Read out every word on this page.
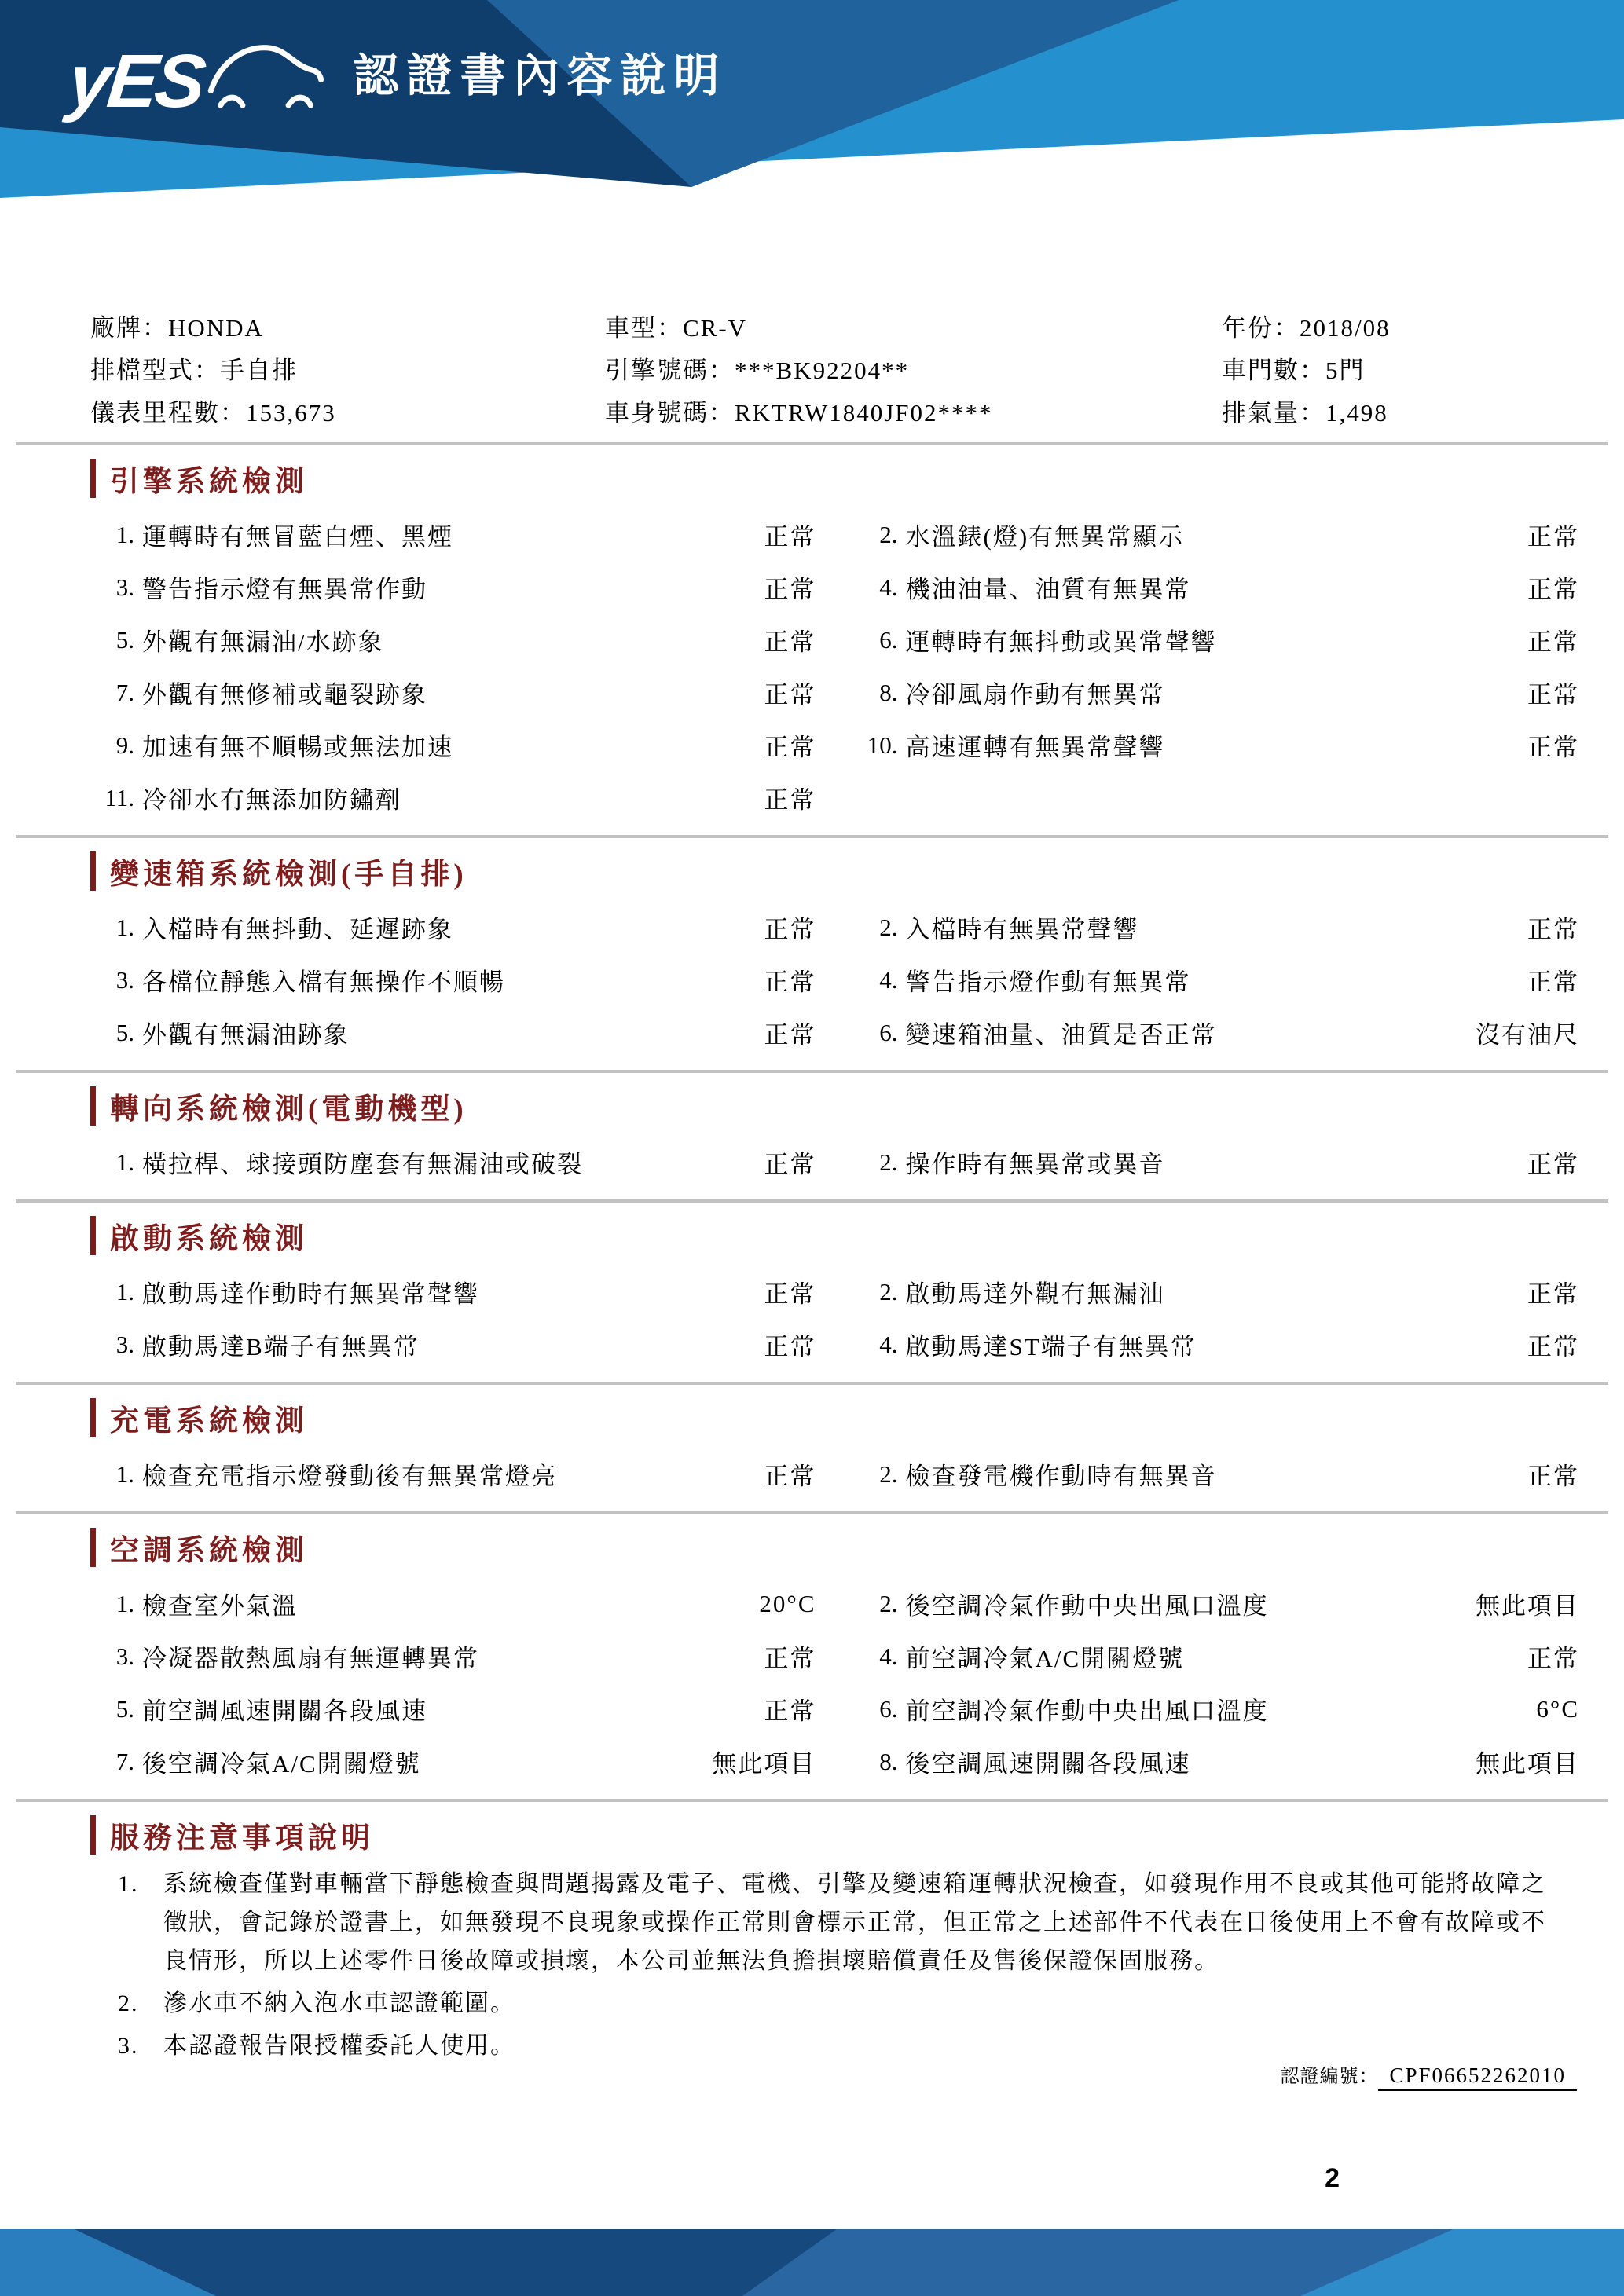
yES	認證書內容說明
廠牌：HONDA	車型：CR-V	年份：2018/08
排檔型式：手自排	引擎號碼：***BK92204**	車門數：5門
儀表里程數：153,673	車身號碼：RKTRW1840JF02****	排氣量：1,498
引擎系統檢測
1. 運轉時有無冒藍白煙、黑煙	正常	2. 水溫錶(燈)有無異常顯示	正常
3. 警告指示燈有無異常作動	正常	4. 機油油量、油質有無異常	正常
5. 外觀有無漏油/水跡象	正常	6. 運轉時有無抖動或異常聲響	正常
7. 外觀有無修補或龜裂跡象	正常	8. 冷卻風扇作動有無異常	正常
9. 加速有無不順暢或無法加速	正常	10. 高速運轉有無異常聲響	正常
11. 冷卻水有無添加防鏽劑	正常
變速箱系統檢測(手自排)
1. 入檔時有無抖動、延遲跡象	正常	2. 入檔時有無異常聲響	正常
3. 各檔位靜態入檔有無操作不順暢	正常	4. 警告指示燈作動有無異常	正常
5. 外觀有無漏油跡象	正常	6. 變速箱油量、油質是否正常	沒有油尺
轉向系統檢測(電動機型)
1. 橫拉桿、球接頭防塵套有無漏油或破裂	正常	2. 操作時有無異常或異音	正常
啟動系統檢測
1. 啟動馬達作動時有無異常聲響	正常	2. 啟動馬達外觀有無漏油	正常
3. 啟動馬達B端子有無異常	正常	4. 啟動馬達ST端子有無異常	正常
充電系統檢測
1. 檢查充電指示燈發動後有無異常燈亮	正常	2. 檢查發電機作動時有無異音	正常
空調系統檢測
1. 檢查室外氣溫	20°C	2. 後空調冷氣作動中央出風口溫度	無此項目
3. 冷凝器散熱風扇有無運轉異常	正常	4. 前空調冷氣A/C開關燈號	正常
5. 前空調風速開關各段風速	正常	6. 前空調冷氣作動中央出風口溫度	6°C
7. 後空調冷氣A/C開關燈號	無此項目	8. 後空調風速開關各段風速	無此項目
服務注意事項說明
1.	系統檢查僅對車輛當下靜態檢查與問題揭露及電子、電機、引擎及變速箱運轉狀況檢查，如發現作用不良或其他可能將故障之徵狀，會記錄於證書上，如無發現不良現象或操作正常則會標示正常，但正常之上述部件不代表在日後使用上不會有故障或不良情形，所以上述零件日後故障或損壞，本公司並無法負擔損壞賠償責任及售後保證保固服務。
2.	滲水車不納入泡水車認證範圍。
3.	本認證報告限授權委託人使用。
認證編號： CPF06652262010
2
